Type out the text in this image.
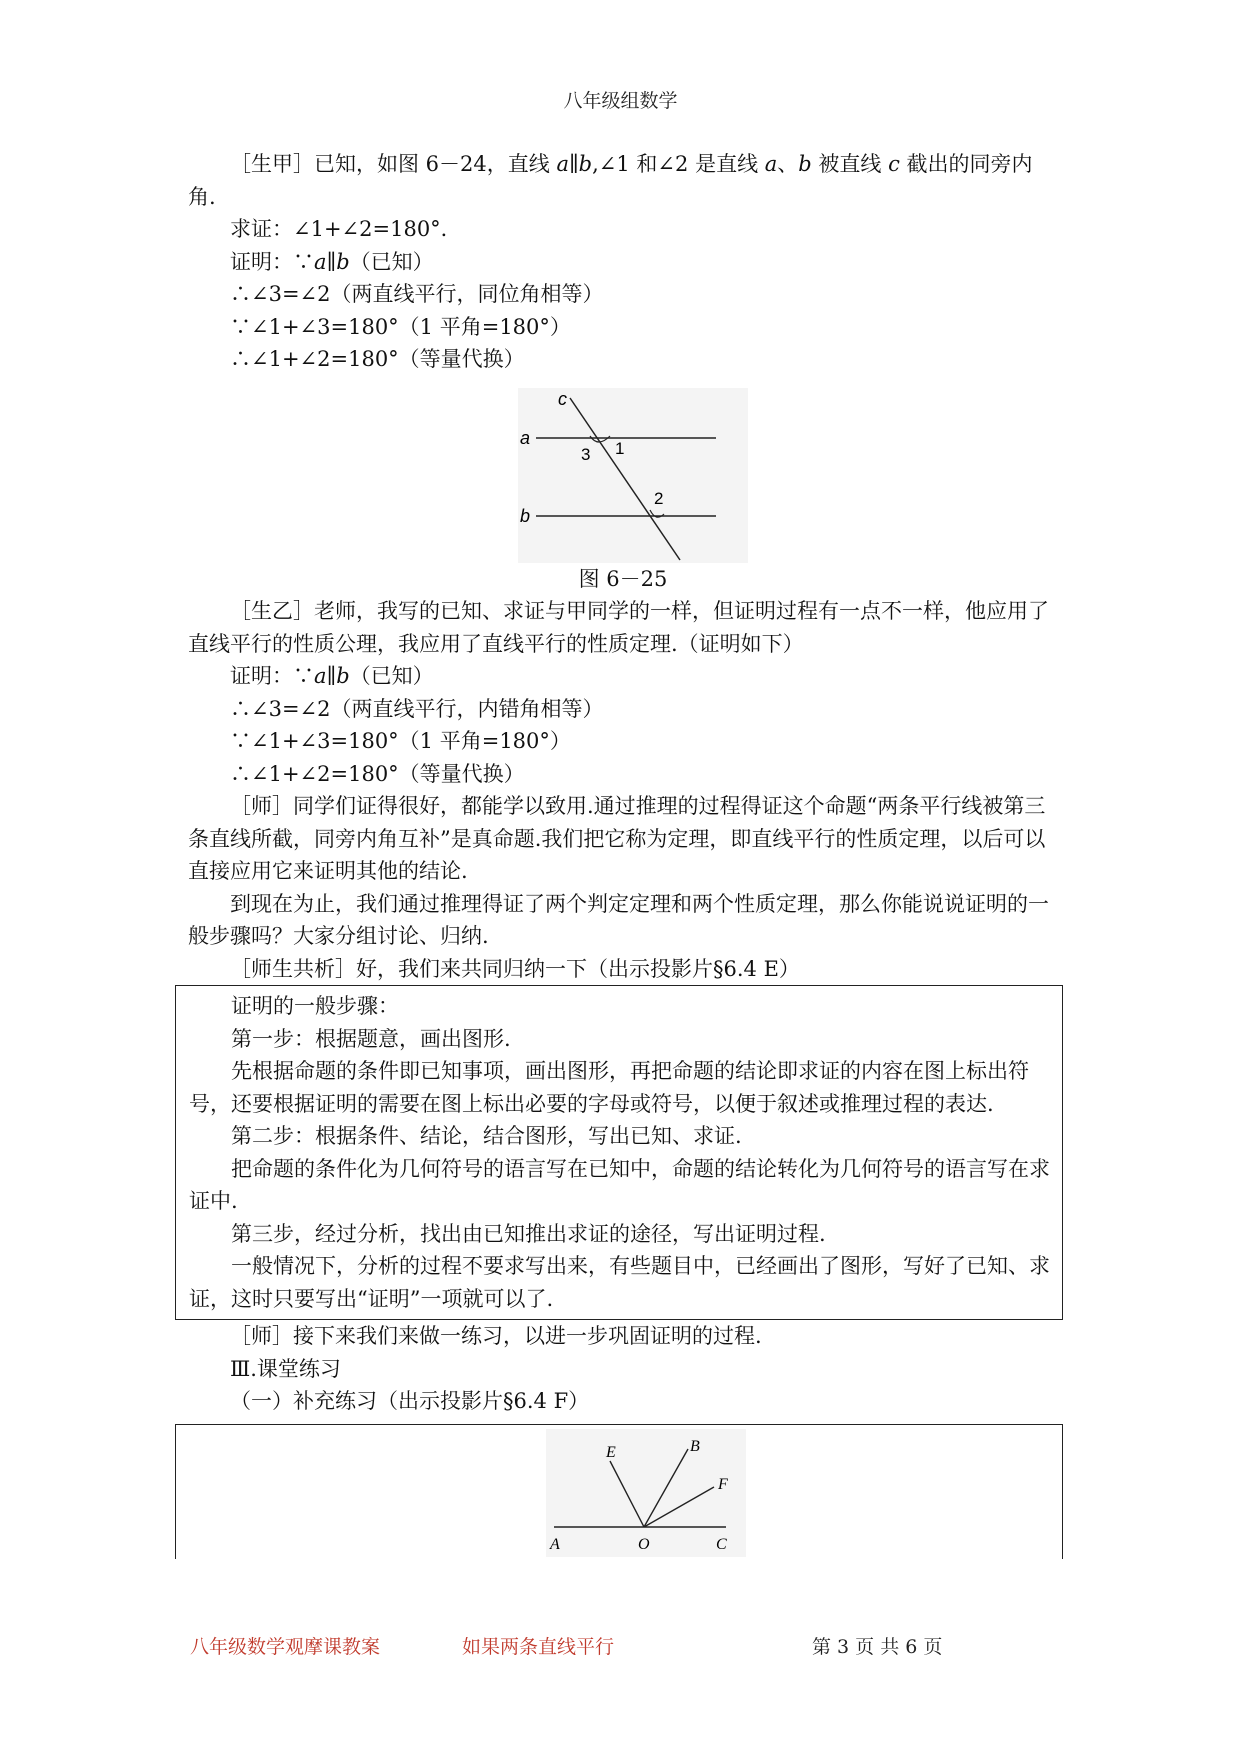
八年级组数学

［生甲］已知，如图 6－24，直线 a∥b,∠1 和∠2 是直线 a、b 被直线 c 截出的同旁内角.

求证：∠1+∠2=180°．

证明：∵a∥b（已知）

∴∠3=∠2（两直线平行，同位角相等）

∵∠1+∠3=180°（1 平角=180°）

∴∠1+∠2=180°（等量代换）

c
a
b
3 1
2

图 6－25

［生乙］老师，我写的已知、求证与甲同学的一样，但证明过程有一点不一样，他应用了直线平行的性质公理，我应用了直线平行的性质定理.（证明如下）

证明：∵a∥b（已知）

∴∠3=∠2（两直线平行，内错角相等）

∵∠1+∠3=180°（1 平角=180°）

∴∠1+∠2=180°（等量代换）

［师］同学们证得很好，都能学以致用.通过推理的过程得证这个命题“两条平行线被第三条直线所截，同旁内角互补”是真命题.我们把它称为定理，即直线平行的性质定理，以后可以直接应用它来证明其他的结论.

到现在为止，我们通过推理得证了两个判定定理和两个性质定理，那么你能说说证明的一般步骤吗？大家分组讨论、归纳.

［师生共析］好，我们来共同归纳一下（出示投影片§6.4 E）

证明的一般步骤：

第一步：根据题意，画出图形.

先根据命题的条件即已知事项，画出图形，再把命题的结论即求证的内容在图上标出符号，还要根据证明的需要在图上标出必要的字母或符号，以便于叙述或推理过程的表达.

第二步：根据条件、结论，结合图形，写出已知、求证.

把命题的条件化为几何符号的语言写在已知中，命题的结论转化为几何符号的语言写在求证中.

第三步，经过分析，找出由已知推出求证的途径，写出证明过程.

一般情况下，分析的过程不要求写出来，有些题目中，已经画出了图形，写好了已知、求证，这时只要写出“证明”一项就可以了.

［师］接下来我们来做一练习，以进一步巩固证明的过程.

Ⅲ.课堂练习

（一）补充练习（出示投影片§6.4 F）

E	B
F
A	O	C
八年级数学观摩课教案	如果两条直线平行	第 3 页 共 6 页
